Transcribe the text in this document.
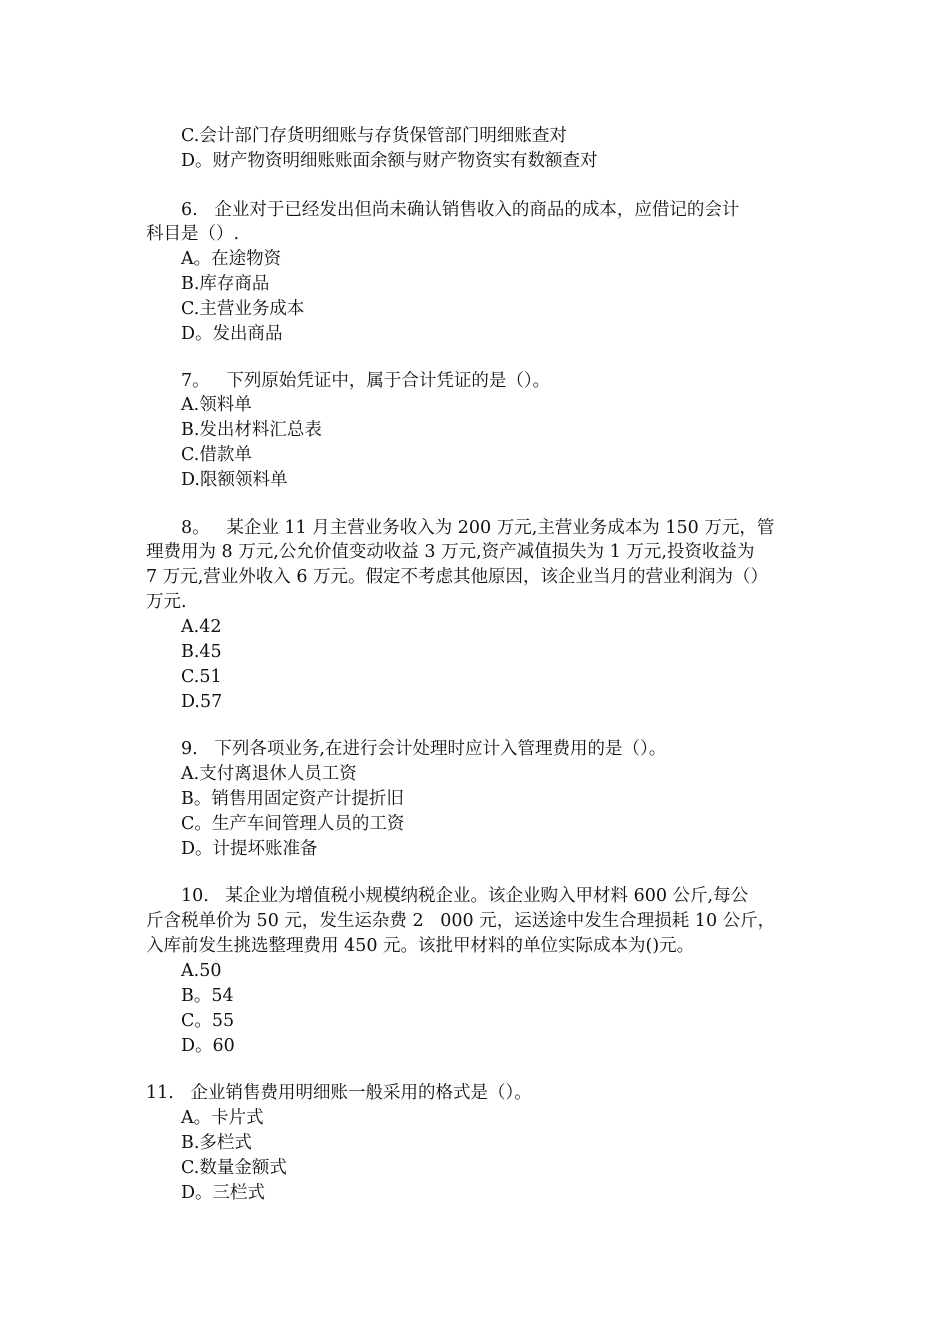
C.会计部门存货明细账与存货保管部门明细账查对
D。财产物资明细账账面余额与财产物资实有数额查对
6.   企业对于已经发出但尚未确认销售收入的商品的成本，应借记的会计
科目是（）.
A。在途物资
B.库存商品
C.主营业务成本
D。发出商品
7。   下列原始凭证中，属于合计凭证的是（）。
A.领料单
B.发出材料汇总表
C.借款单
D.限额领料单
8。   某企业 11 月主营业务收入为 200 万元,主营业务成本为 150 万元，管
理费用为 8 万元,公允价值变动收益 3 万元,资产减值损失为 1 万元,投资收益为
7 万元,营业外收入 6 万元。假定不考虑其他原因，该企业当月的营业利润为（）
万元.
A.42
B.45
C.51
D.57
9.   下列各项业务,在进行会计处理时应计入管理费用的是（）。
A.支付离退休人员工资
B。销售用固定资产计提折旧
C。生产车间管理人员的工资
D。计提坏账准备
10.   某企业为增值税小规模纳税企业。该企业购入甲材料 600 公斤,每公
斤含税单价为 50 元，发生运杂费 2   000 元，运送途中发生合理损耗 10 公斤，
入库前发生挑选整理费用 450 元。该批甲材料的单位实际成本为()元。
A.50
B。54
C。55
D。60
11.   企业销售费用明细账一般采用的格式是（）。
A。卡片式
B.多栏式
C.数量金额式
D。三栏式
